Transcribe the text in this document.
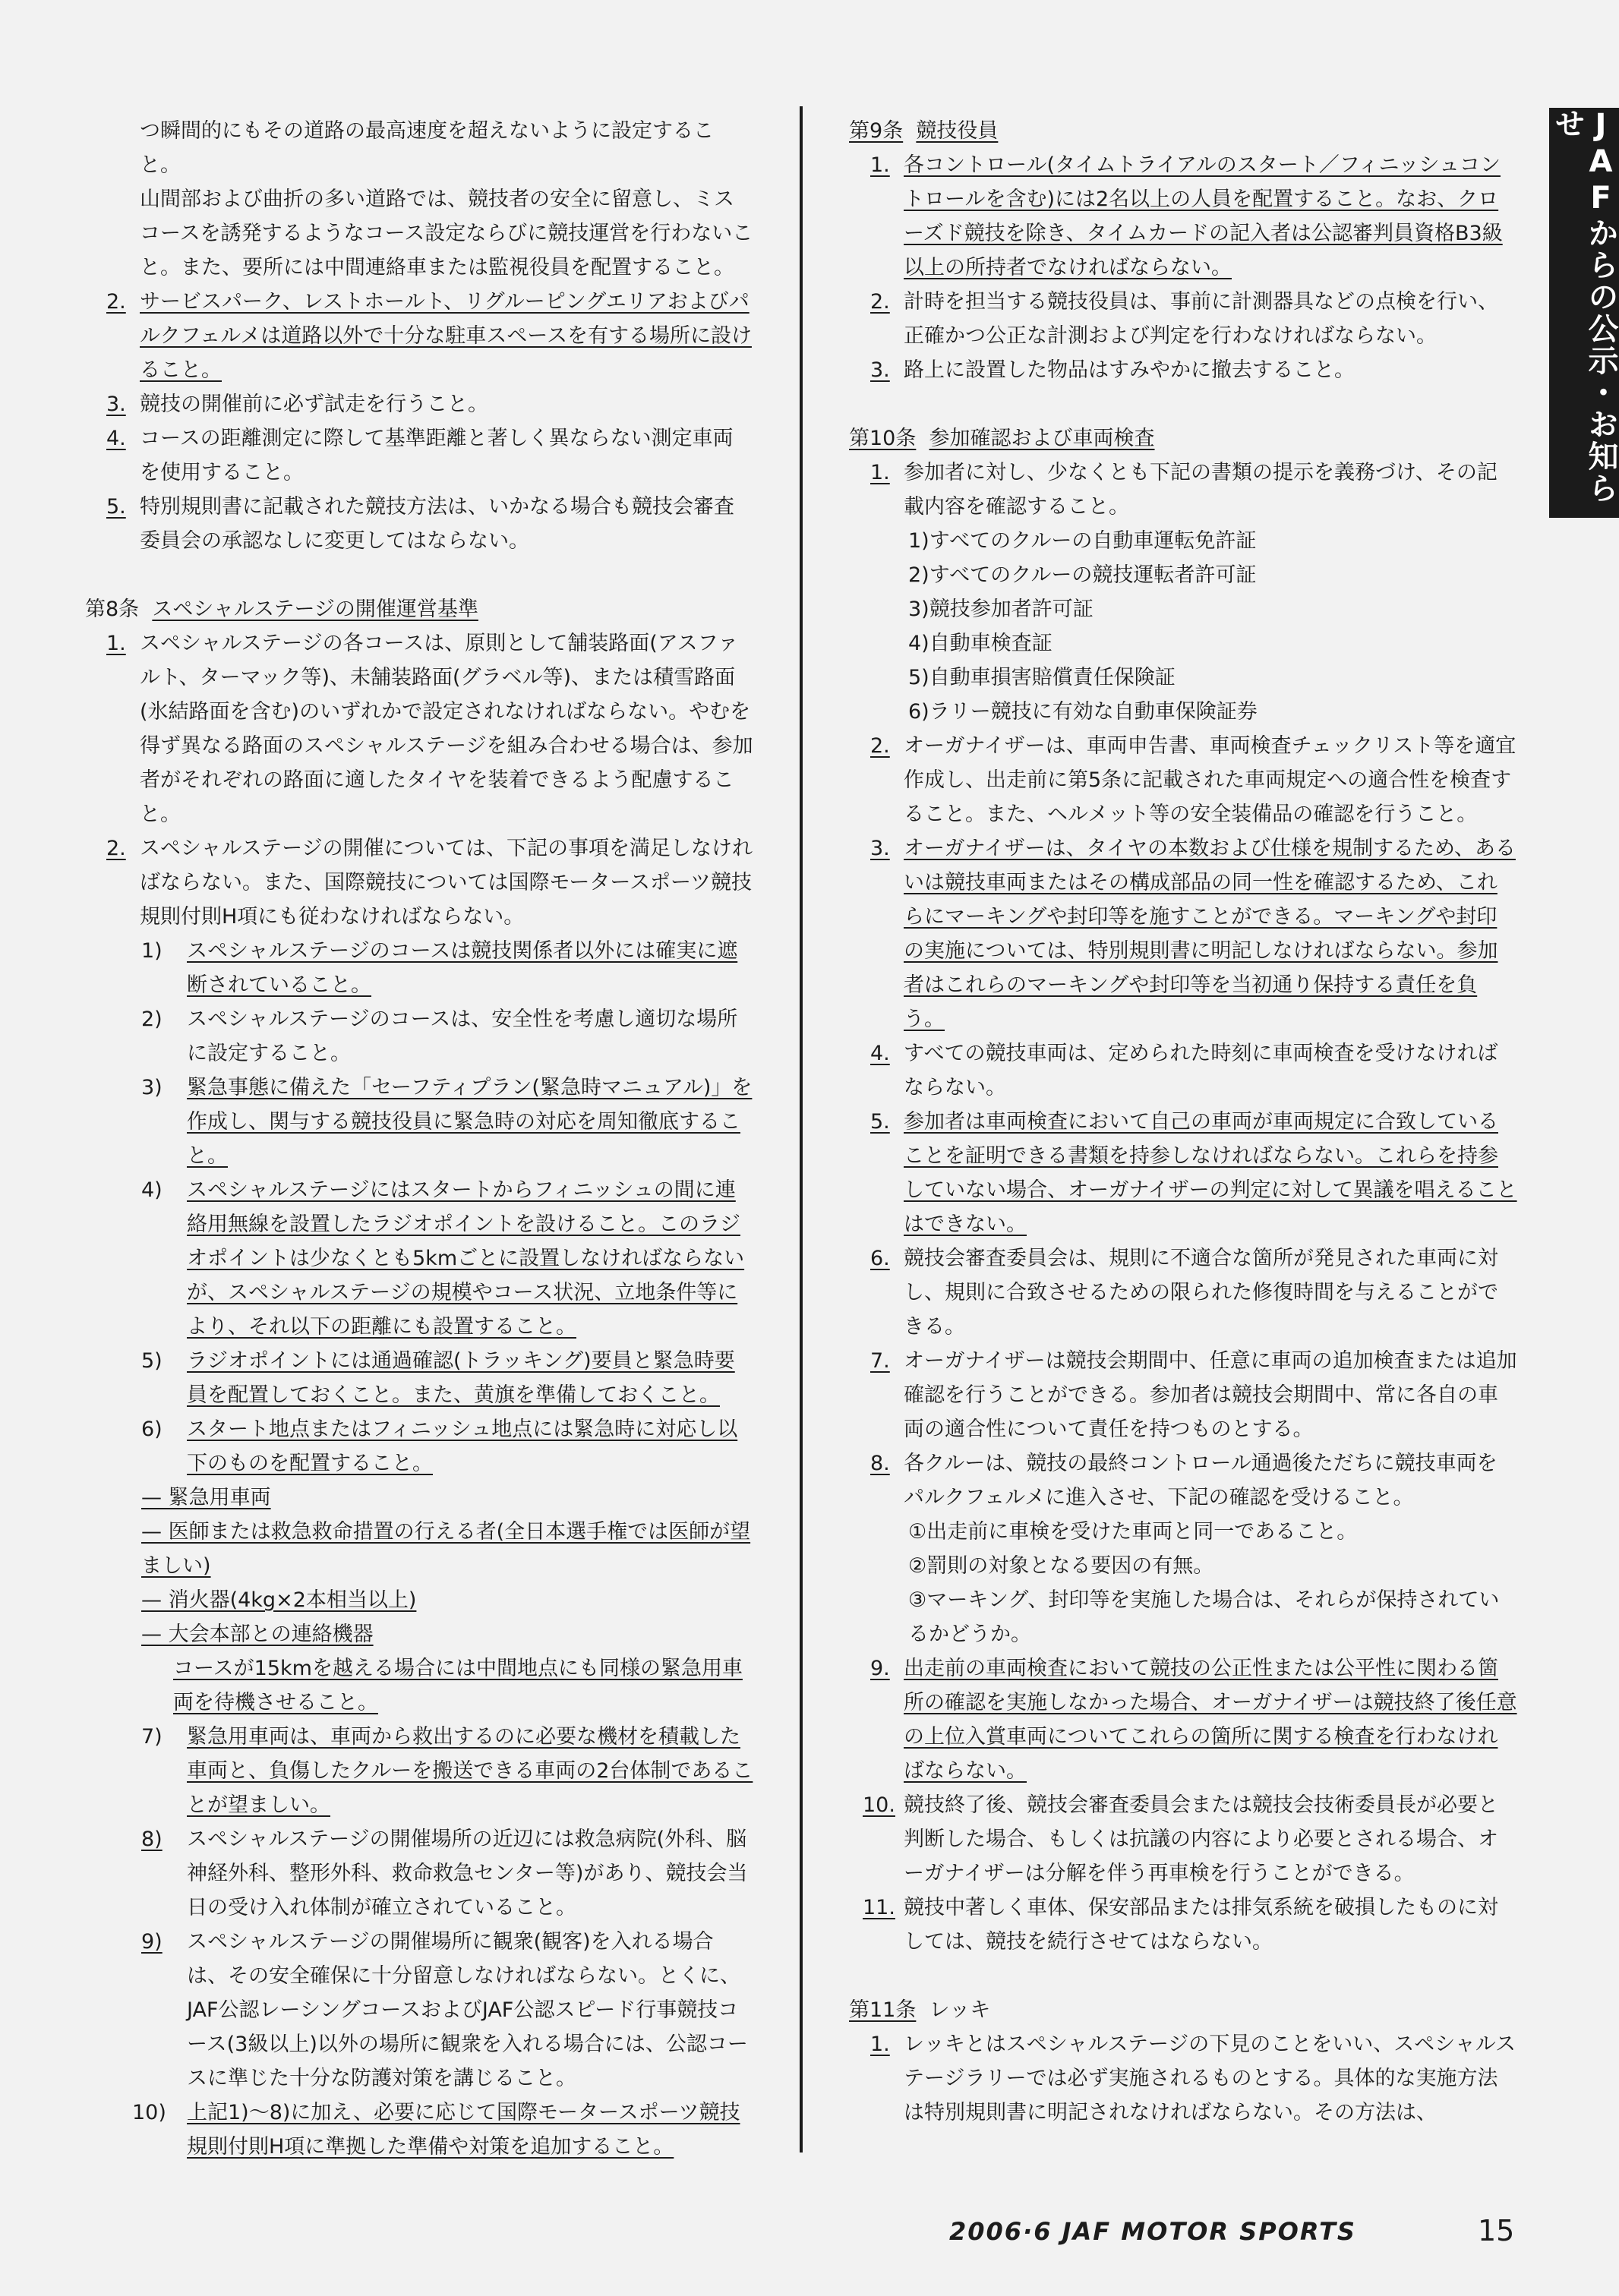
つ瞬間的にもその道路の最高速度を超えないように設定すること。

山間部および曲折の多い道路では、競技者の安全に留意し、ミスコースを誘発するようなコース設定ならびに競技運営を行わないこと。また、要所には中間連絡車または監視役員を配置すること。

2. サービスパーク、レストホールト、リグルーピングエリアおよびパルクフェルメは道路以外で十分な駐車スペースを有する場所に設けること。

3. 競技の開催前に必ず試走を行うこと。

4. コースの距離測定に際して基準距離と著しく異ならない測定車両を使用すること。

5. 特別規則書に記載された競技方法は、いかなる場合も競技会審査委員会の承認なしに変更してはならない。

第8条 スペシャルステージの開催運営基準

1. スペシャルステージの各コースは、原則として舗装路面(アスファルト、ターマック等)、未舗装路面(グラベル等)、または積雪路面(氷結路面を含む)のいずれかで設定されなければならない。やむを得ず異なる路面のスペシャルステージを組み合わせる場合は、参加者がそれぞれの路面に適したタイヤを装着できるよう配慮すること。

2. スペシャルステージの開催については、下記の事項を満足しなければならない。また、国際競技については国際モータースポーツ競技規則付則H項にも従わなければならない。

1) スペシャルステージのコースは競技関係者以外には確実に遮断されていること。

2) スペシャルステージのコースは、安全性を考慮し適切な場所に設定すること。

3) 緊急事態に備えた「セーフティプラン(緊急時マニュアル)」を作成し、関与する競技役員に緊急時の対応を周知徹底すること。

4) スペシャルステージにはスタートからフィニッシュの間に連絡用無線を設置したラジオポイントを設けること。このラジオポイントは少なくとも5kmごとに設置しなければならないが、スペシャルステージの規模やコース状況、立地条件等により、それ以下の距離にも設置すること。

5) ラジオポイントには通過確認(トラッキング)要員と緊急時要員を配置しておくこと。また、黄旗を準備しておくこと。

6) スタート地点またはフィニッシュ地点には緊急時に対応し以下のものを配置すること。

— 緊急用車両

— 医師または救急救命措置の行える者(全日本選手権では医師が望ましい)

— 消火器(4kg×2本相当以上)

— 大会本部との連絡機器

コースが15kmを越える場合には中間地点にも同様の緊急用車両を待機させること。

7) 緊急用車両は、車両から救出するのに必要な機材を積載した車両と、負傷したクルーを搬送できる車両の2台体制であることが望ましい。

8) スペシャルステージの開催場所の近辺には救急病院(外科、脳神経外科、整形外科、救命救急センター等)があり、競技会当日の受け入れ体制が確立されていること。

9) スペシャルステージの開催場所に観衆(観客)を入れる場合は、その安全確保に十分留意しなければならない。とくに、JAF公認レーシングコースおよびJAF公認スピード行事競技コース(3級以上)以外の場所に観衆を入れる場合には、公認コースに準じた十分な防護対策を講じること。

10) 上記1)～8)に加え、必要に応じて国際モータースポーツ競技規則付則H項に準拠した準備や対策を追加すること。

第9条 競技役員

1. 各コントロール(タイムトライアルのスタート／フィニッシュコントロールを含む)には2名以上の人員を配置すること。なお、クローズド競技を除き、タイムカードの記入者は公認審判員資格B3級以上の所持者でなければならない。

2. 計時を担当する競技役員は、事前に計測器具などの点検を行い、正確かつ公正な計測および判定を行わなければならない。

3. 路上に設置した物品はすみやかに撤去すること。

第10条 参加確認および車両検査

1. 参加者に対し、少なくとも下記の書類の提示を義務づけ、その記載内容を確認すること。

1)すべてのクルーの自動車運転免許証

2)すべてのクルーの競技運転者許可証

3)競技参加者許可証

4)自動車検査証

5)自動車損害賠償責任保険証

6)ラリー競技に有効な自動車保険証券

2. オーガナイザーは、車両申告書、車両検査チェックリスト等を適宜作成し、出走前に第5条に記載された車両規定への適合性を検査すること。また、ヘルメット等の安全装備品の確認を行うこと。

3. オーガナイザーは、タイヤの本数および仕様を規制するため、あるいは競技車両またはその構成部品の同一性を確認するため、これらにマーキングや封印等を施すことができる。マーキングや封印の実施については、特別規則書に明記しなければならない。参加者はこれらのマーキングや封印等を当初通り保持する責任を負う。

4. すべての競技車両は、定められた時刻に車両検査を受けなければならない。

5. 参加者は車両検査において自己の車両が車両規定に合致していることを証明できる書類を持参しなければならない。これらを持参していない場合、オーガナイザーの判定に対して異議を唱えることはできない。

6. 競技会審査委員会は、規則に不適合な箇所が発見された車両に対し、規則に合致させるための限られた修復時間を与えることができる。

7. オーガナイザーは競技会期間中、任意に車両の追加検査または追加確認を行うことができる。参加者は競技会期間中、常に各自の車両の適合性について責任を持つものとする。

8. 各クルーは、競技の最終コントロール通過後ただちに競技車両をパルクフェルメに進入させ、下記の確認を受けること。

①出走前に車検を受けた車両と同一であること。

②罰則の対象となる要因の有無。

③マーキング、封印等を実施した場合は、それらが保持されているかどうか。

9. 出走前の車両検査において競技の公正性または公平性に関わる箇所の確認を実施しなかった場合、オーガナイザーは競技終了後任意の上位入賞車両についてこれらの箇所に関する検査を行わなければならない。

10. 競技終了後、競技会審査委員会または競技会技術委員長が必要と判断した場合、もしくは抗議の内容により必要とされる場合、オーガナイザーは分解を伴う再車検を行うことができる。

11. 競技中著しく車体、保安部品または排気系統を破損したものに対しては、競技を続行させてはならない。

第11条 レッキ

1. レッキとはスペシャルステージの下見のことをいい、スペシャルステージラリーでは必ず実施されるものとする。具体的な実施方法は特別規則書に明記されなければならない。その方法は、

JAFからの公示・お知らせ
2006·6 JAF MOTOR SPORTS	15
